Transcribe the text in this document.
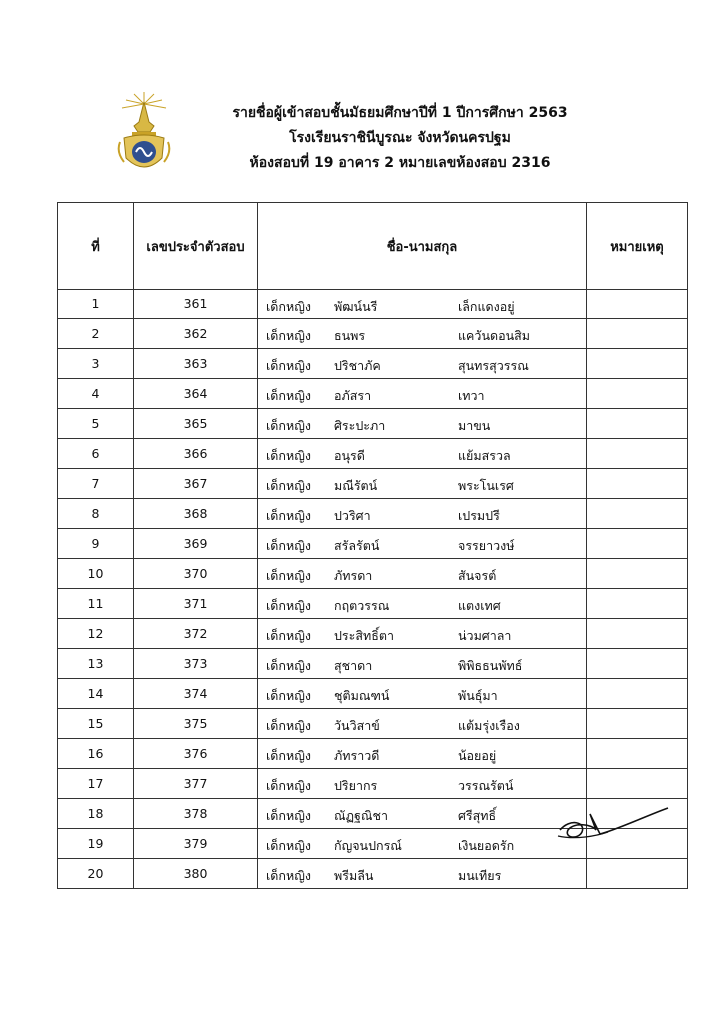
รายชื่อผู้เข้าสอบชั้นมัธยมศึกษาปีที่ 1 ปีการศึกษา 2563
โรงเรียนราชินีบูรณะ จังหวัดนครปฐม
ห้องสอบที่ 19 อาคาร 2 หมายเลขห้องสอบ 2316
ที่	เลขประจำตัวสอบ	ชื่อ-นามสกุล	หมายเหตุ
1	361	เด็กหญิง พัฒน์นรี เล็กแดงอยู่	

2	362	เด็กหญิง ธนพร แควันดอนสิม	

3	363	เด็กหญิง ปริชาภัค สุนทรสุวรรณ	

4	364	เด็กหญิง อภัสรา เทวา	

5	365	เด็กหญิง ศิระปะภา มาขน	

6	366	เด็กหญิง อนุรดี แย้มสรวล	

7	367	เด็กหญิง มณีรัตน์ พระโนเรศ	

8	368	เด็กหญิง ปวริศา เปรมปรี	

9	369	เด็กหญิง สรัลรัตน์ จรรยาวงษ์	

10	370	เด็กหญิง ภัทรดา สันจรต์	

11	371	เด็กหญิง กฤตวรรณ แตงเทศ	

12	372	เด็กหญิง ประสิทธิ์ตา น่วมศาลา	

13	373	เด็กหญิง สุชาดา พิพิธธนพัทธ์	

14	374	เด็กหญิง ชุติมณฑน์ พันธุ์มา	

15	375	เด็กหญิง วันวิสาข์ แต้มรุ่งเรือง	

16	376	เด็กหญิง ภัทราวดี น้อยอยู่	

17	377	เด็กหญิง ปริยากร วรรณรัตน์	

18	378	เด็กหญิง ณัฏฐณิชา ศรีสุทธิ์	

19	379	เด็กหญิง กัญจนปกรณ์ เงินยอดรัก	

20	380	เด็กหญิง พรีมลีน มนเทียร	
